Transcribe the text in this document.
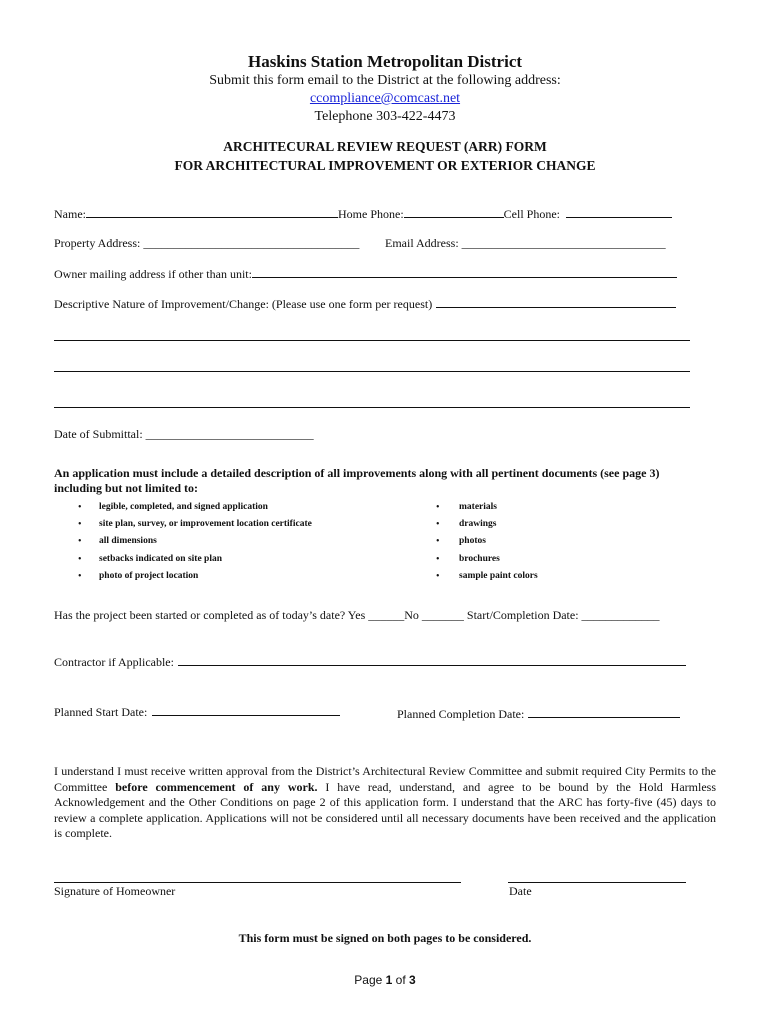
Haskins Station Metropolitan District
Submit this form email to the District at the following address:
ccompliance@comcast.net
Telephone 303-422-4473
ARCHITECURAL REVIEW REQUEST (ARR) FORM
FOR ARCHITECTURAL IMPROVEMENT OR EXTERIOR CHANGE
Name:	Home Phone:	Cell Phone:
Property Address: ____________________________________ Email Address: __________________________________
Owner mailing address if other than unit:
Descriptive Nature of Improvement/Change: (Please use one form per request)
Date of Submittal: ____________________________
An application must include a detailed description of all improvements along with all pertinent documents (see page 3)
including but not limited to:
• legible, completed, and signed application
• site plan, survey, or improvement location certificate
• all dimensions
• setbacks indicated on site plan
• photo of project location
• materials
• drawings
• photos
• brochures
• sample paint colors
Has the project been started or completed as of today’s date? Yes ______No _______ Start/Completion Date: _____________
Contractor if Applicable:
Planned Start Date:	Planned Completion Date:
I understand I must receive written approval from the District’s Architectural Review Committee and submit required City Permits to the Committee before commencement of any work. I have read, understand, and agree to be bound by the Hold Harmless Acknowledgement and the Other Conditions on page 2 of this application form. I understand that the ARC has forty-five (45) days to review a complete application. Applications will not be considered until all necessary documents have been received and the application is complete.
Signature of Homeowner	Date
This form must be signed on both pages to be considered.
Page 1 of 3
